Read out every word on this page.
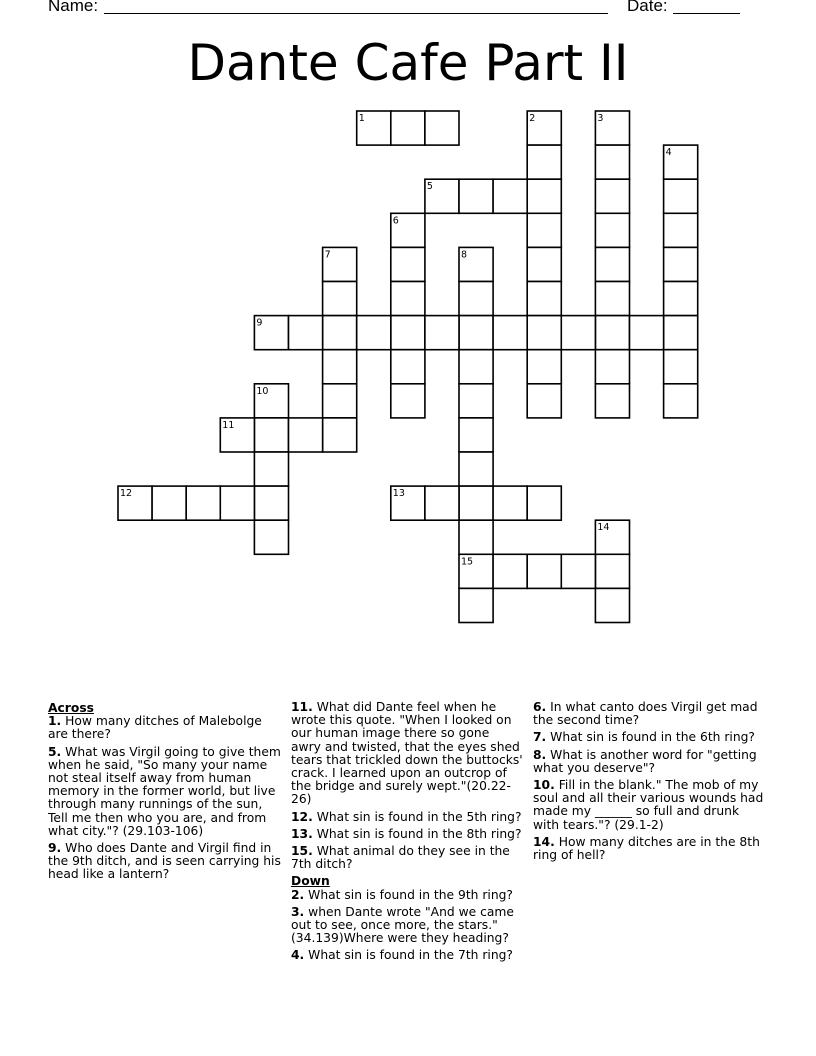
Name:	Date:
Dante Cafe Part II
1	2	3
4
5
6
7	8
9
10
11
12	13
14
15
Across
1. How many ditches of Malebolge are there?
5. What was Virgil going to give them when he said, "So many your name not steal itself away from human memory in the former world, but live through many runnings of the sun, Tell me then who you are, and from what city."? (29.103-106)
9. Who does Dante and Virgil find in the 9th ditch, and is seen carrying his head like a lantern?
11. What did Dante feel when he wrote this quote. "When I looked on our human image there so gone awry and twisted, that the eyes shed tears that trickled down the buttocks' crack. I learned upon an outcrop of the bridge and surely wept."(20.22-26)
12. What sin is found in the 5th ring?
13. What sin is found in the 8th ring?
15. What animal do they see in the 7th ditch?
Down
2. What sin is found in the 9th ring?
3. when Dante wrote "And we came out to see, once more, the stars."(34.139)Where were they heading?
4. What sin is found in the 7th ring?
6. In what canto does Virgil get mad the second time?
7. What sin is found in the 6th ring?
8. What is another word for "getting what you deserve"?
10. Fill in the blank." The mob of my soul and all their various wounds had made my ______ so full and drunk with tears."? (29.1-2)
14. How many ditches are in the 8th ring of hell?
